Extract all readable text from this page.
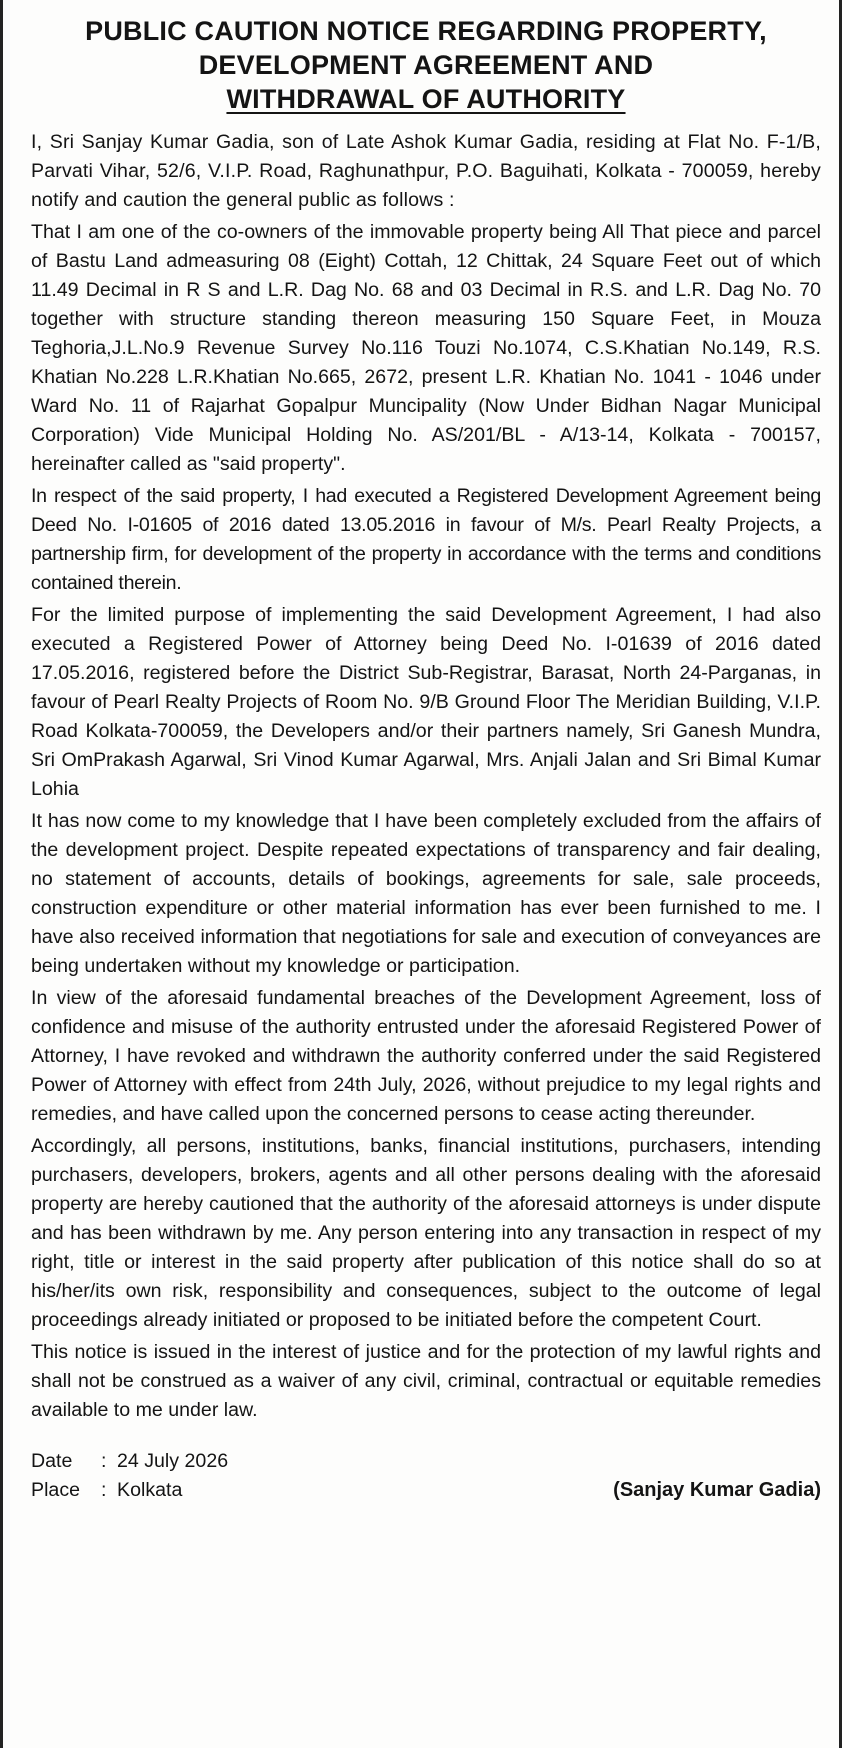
PUBLIC CAUTION NOTICE REGARDING PROPERTY,
DEVELOPMENT AGREEMENT AND
WITHDRAWAL OF AUTHORITY

I, Sri Sanjay Kumar Gadia, son of Late Ashok Kumar Gadia, residing at Flat No. F-1/B, Parvati Vihar, 52/6, V.I.P. Road, Raghunathpur, P.O. Baguihati, Kolkata - 700059, hereby notify and caution the general public as follows :

That I am one of the co-owners of the immovable property being All That piece and parcel of Bastu Land admeasuring 08 (Eight) Cottah, 12 Chittak, 24 Square Feet out of which 11.49 Decimal in R S and L.R. Dag No. 68 and 03 Decimal in R.S. and L.R. Dag No. 70 together with structure standing thereon measuring 150 Square Feet, in Mouza Teghoria,J.L.No.9 Revenue Survey No.116 Touzi No.1074, C.S.Khatian No.149, R.S. Khatian No.228 L.R.Khatian No.665, 2672, present L.R. Khatian No. 1041 - 1046 under Ward No. 11 of Rajarhat Gopalpur Muncipality (Now Under Bidhan Nagar Municipal Corporation) Vide Municipal Holding No. AS/201/BL - A/13-14, Kolkata - 700157, hereinafter called as "said property".

In respect of the said property, I had executed a Registered Development Agreement being Deed No. I-01605 of 2016 dated 13.05.2016 in favour of M/s. Pearl Realty Projects, a partnership firm, for development of the property in accordance with the terms and conditions contained therein.

For the limited purpose of implementing the said Development Agreement, I had also executed a Registered Power of Attorney being Deed No. I-01639 of 2016 dated 17.05.2016, registered before the District Sub-Registrar, Barasat, North 24-Parganas, in favour of Pearl Realty Projects of Room No. 9/B Ground Floor The Meridian Building, V.I.P. Road Kolkata-700059, the Developers and/or their partners namely, Sri Ganesh Mundra, Sri OmPrakash Agarwal, Sri Vinod Kumar Agarwal, Mrs. Anjali Jalan and Sri Bimal Kumar Lohia

It has now come to my knowledge that I have been completely excluded from the affairs of the development project. Despite repeated expectations of transparency and fair dealing, no statement of accounts, details of bookings, agreements for sale, sale proceeds, construction expenditure or other material information has ever been furnished to me. I have also received information that negotiations for sale and execution of conveyances are being undertaken without my knowledge or participation.

In view of the aforesaid fundamental breaches of the Development Agreement, loss of confidence and misuse of the authority entrusted under the aforesaid Registered Power of Attorney, I have revoked and withdrawn the authority conferred under the said Registered Power of Attorney with effect from 24th July, 2026, without prejudice to my legal rights and remedies, and have called upon the concerned persons to cease acting thereunder.

Accordingly, all persons, institutions, banks, financial institutions, purchasers, intending purchasers, developers, brokers, agents and all other persons dealing with the aforesaid property are hereby cautioned that the authority of the aforesaid attorneys is under dispute and has been withdrawn by me. Any person entering into any transaction in respect of my right, title or interest in the said property after publication of this notice shall do so at his/her/its own risk, responsibility and consequences, subject to the outcome of legal proceedings already initiated or proposed to be initiated before the competent Court.

This notice is issued in the interest of justice and for the protection of my lawful rights and shall not be construed as a waiver of any civil, criminal, contractual or equitable remedies available to me under law.

Date	: 24 July 2026
Place	: Kolkata	(Sanjay Kumar Gadia)
